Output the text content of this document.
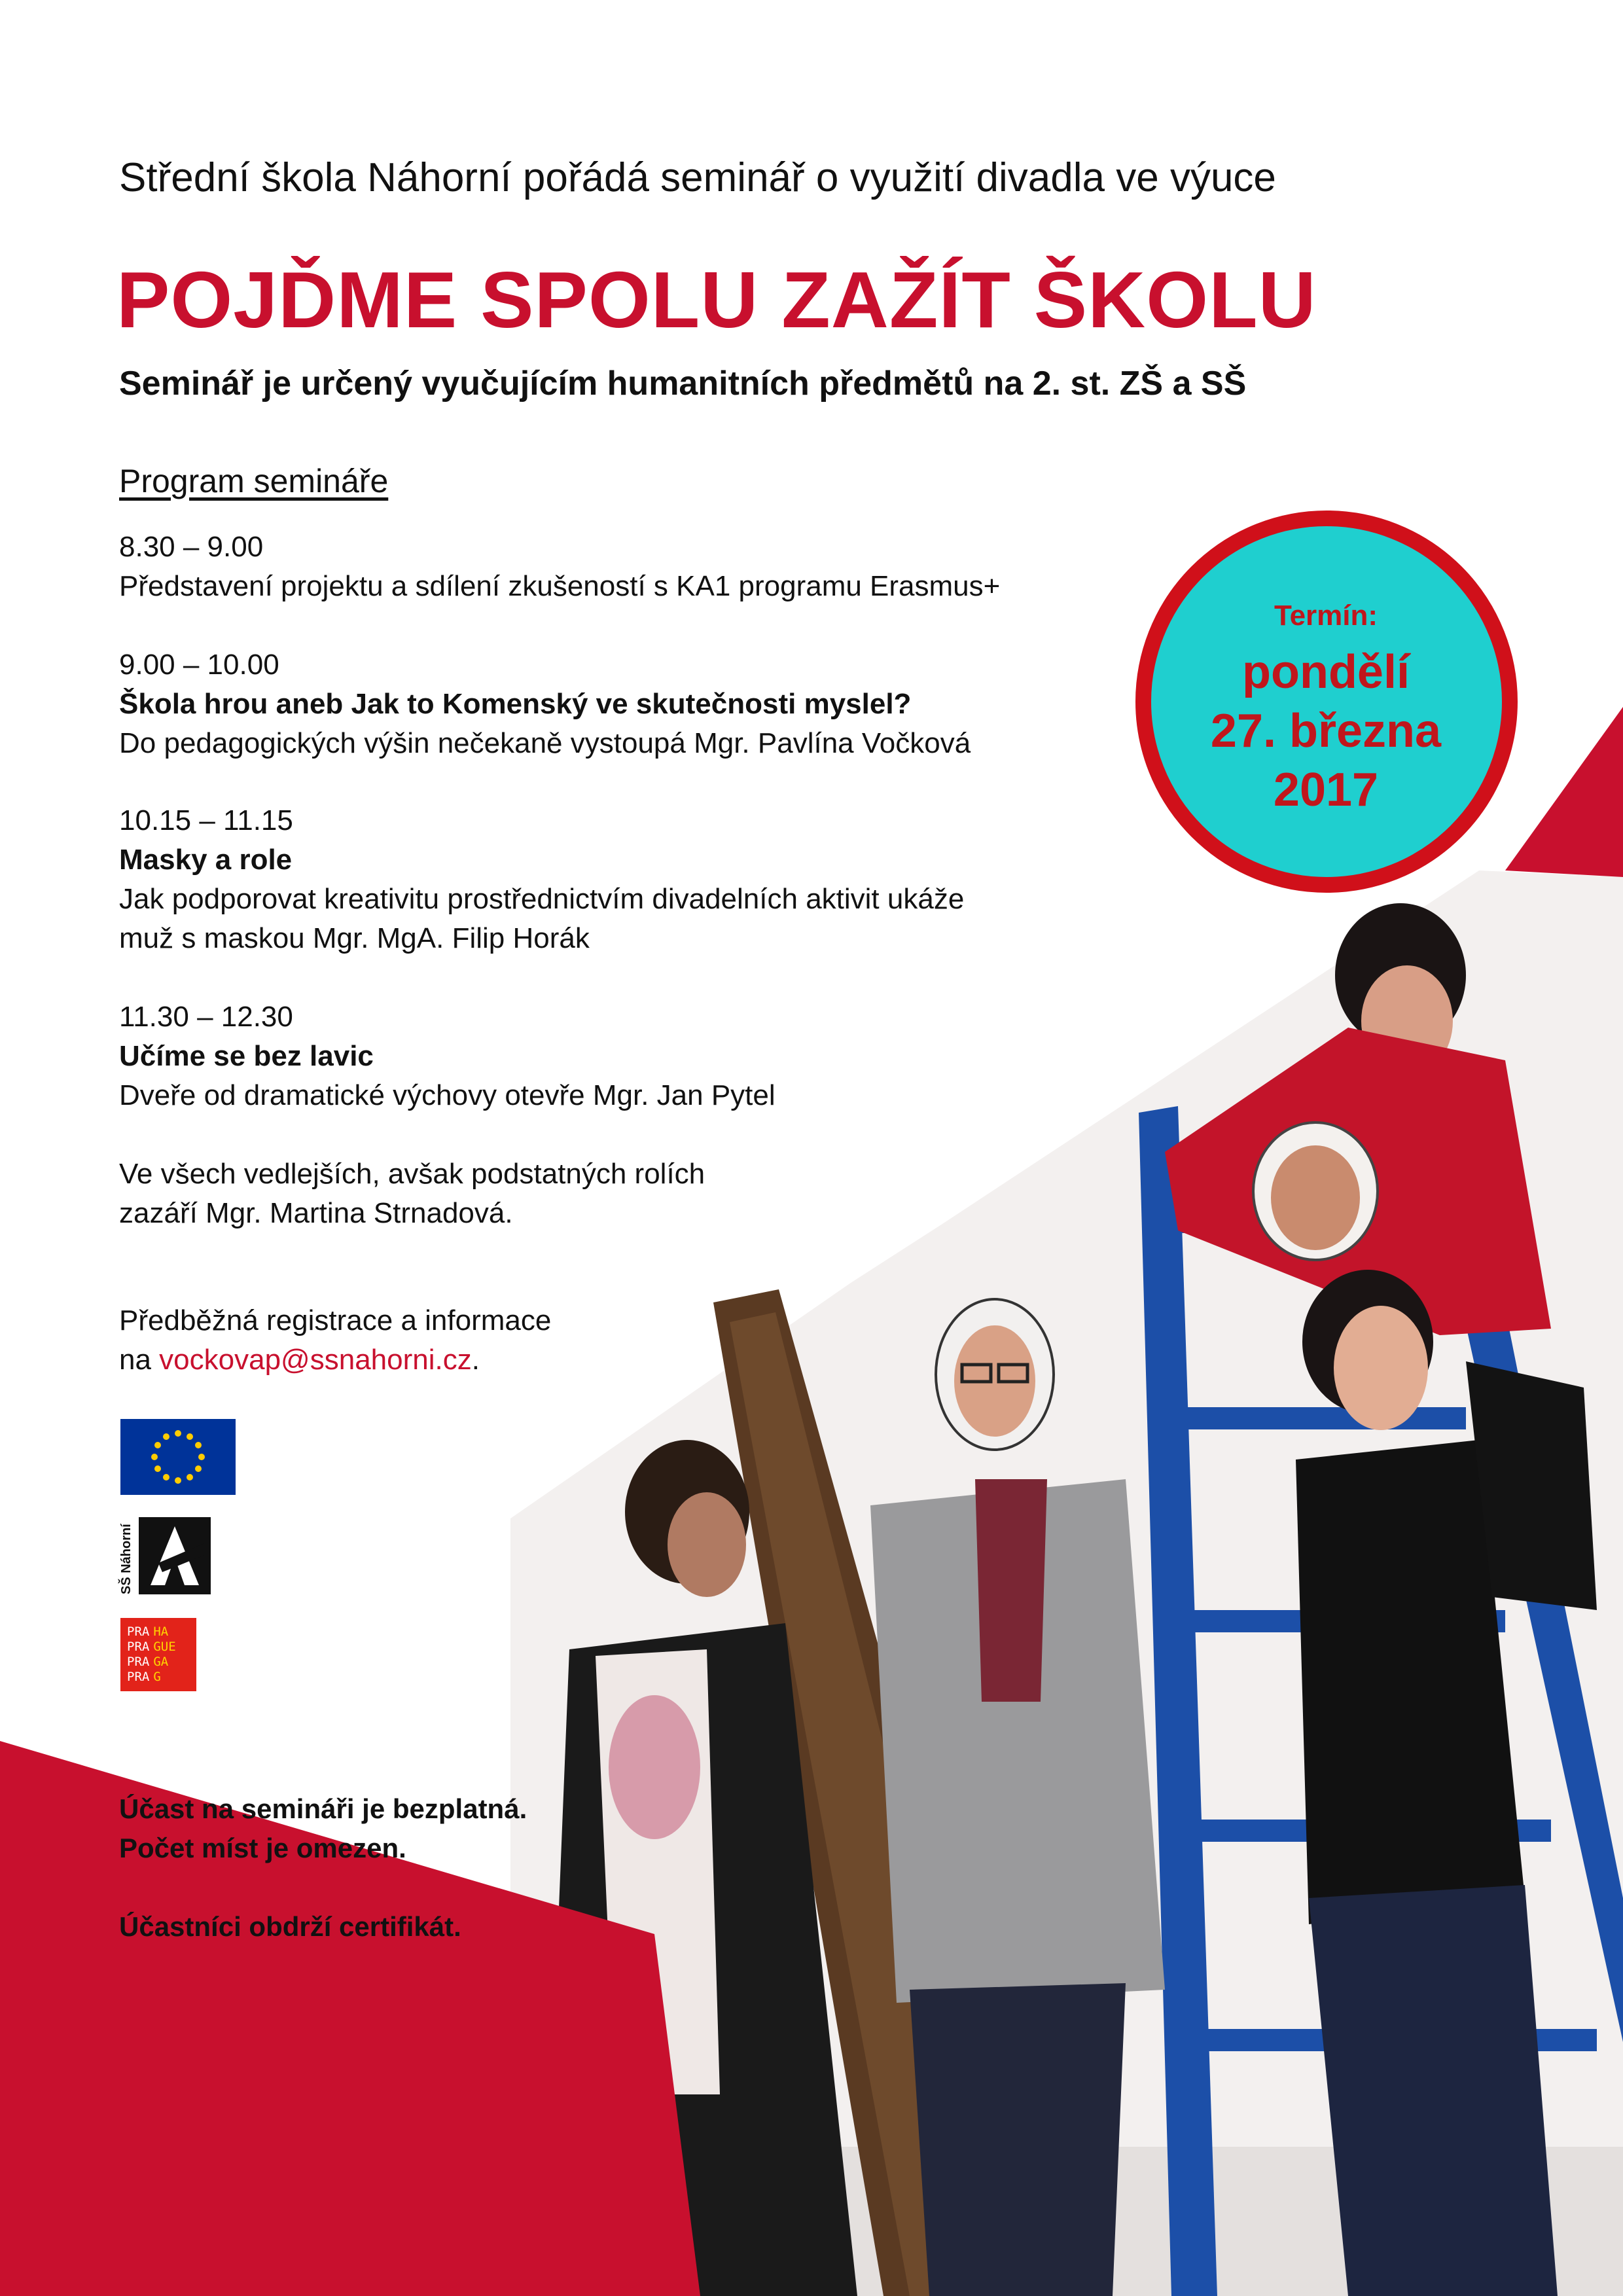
Střední škola Náhorní pořádá seminář o využití divadla ve výuce
POJĎME SPOLU ZAŽÍT ŠKOLU
Seminář je určený vyučujícím humanitních předmětů na 2. st. ZŠ a SŠ
Program semináře
8.30 – 9.00
Představení projektu a sdílení zkušeností s KA1 programu Erasmus+
9.00 – 10.00
Škola hrou aneb Jak to Komenský ve skutečnosti myslel?
Do pedagogických výšin nečekaně vystoupá Mgr. Pavlína Vočková
10.15 – 11.15
Masky a role
Jak podporovat kreativitu prostřednictvím divadelních aktivit ukáže
muž s maskou Mgr. MgA. Filip Horák
11.30 – 12.30
Učíme se bez lavic
Dveře od dramatické výchovy otevře Mgr. Jan Pytel
Ve všech vedlejších, avšak podstatných rolích
zazáří Mgr. Martina Strnadová.
Předběžná registrace a informace
na vockovap@ssnahorni.cz.
Termín:
pondělí
27. března
2017
SŠ Náhorní
PRA HA
PRA GUE
PRA GA
PRA G
Účast na semináři je bezplatná.
Počet míst je omezen.

Účastníci obdrží certifikát.
